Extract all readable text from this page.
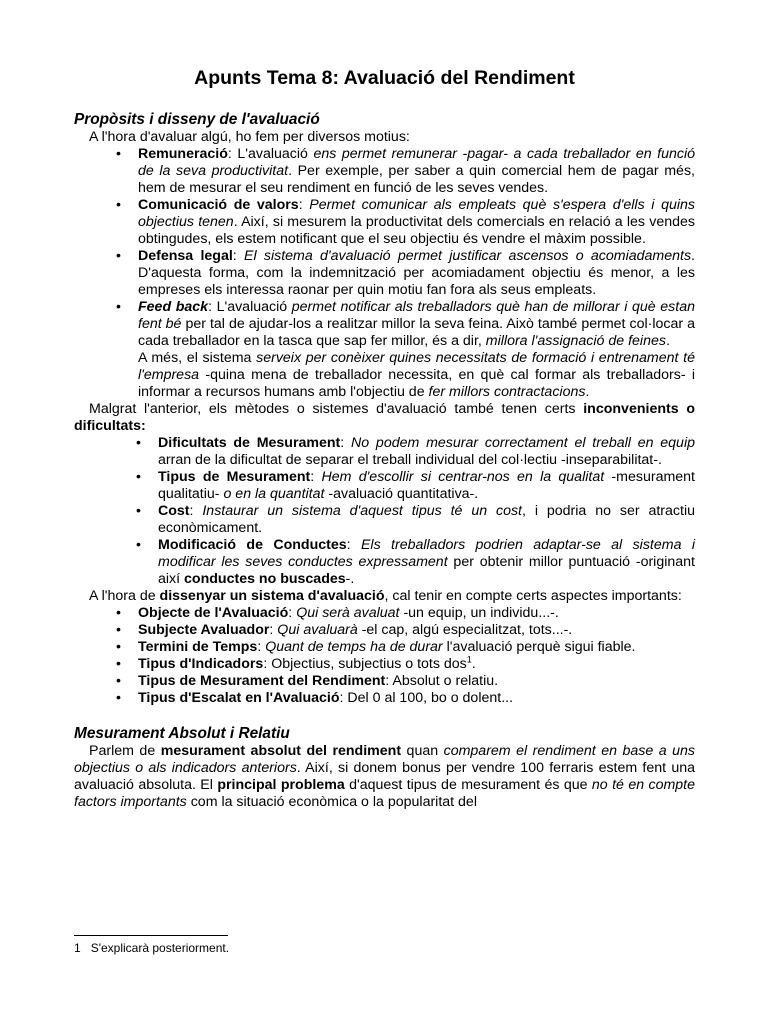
Apunts Tema 8: Avaluació del Rendiment
Propòsits i disseny de l'avaluació

A l'hora d'avaluar algú, ho fem per diversos motius:

• Remuneració: L'avaluació ens permet remunerar -pagar- a cada treballador en funció de la seva productivitat. Per exemple, per saber a quin comercial hem de pagar més, hem de mesurar el seu rendiment en funció de les seves vendes.
• Comunicació de valors: Permet comunicar als empleats què s'espera d'ells i quins objectius tenen. Així, si mesurem la productivitat dels comercials en relació a les vendes obtingudes, els estem notificant que el seu objectiu és vendre el màxim possible.
• Defensa legal: El sistema d'avaluació permet justificar ascensos o acomiadaments. D'aquesta forma, com la indemnització per acomiadament objectiu és menor, a les empreses els interessa raonar per quin motiu fan fora als seus empleats.
• Feed back: L'avaluació permet notificar als treballadors què han de millorar i què estan fent bé per tal de ajudar-los a realitzar millor la seva feina. Això també permet col·locar a cada treballador en la tasca que sap fer millor, és a dir, millora l'assignació de feines.

A més, el sistema serveix per conèixer quines necessitats de formació i entrenament té l'empresa -quina mena de treballador necessita, en què cal formar als treballadors- i informar a recursos humans amb l'objectiu de fer millors contractacions.

Malgrat l'anterior, els mètodes o sistemes d'avaluació també tenen certs inconvenients o dificultats:

• Dificultats de Mesurament: No podem mesurar correctament el treball en equip arran de la dificultat de separar el treball individual del col·lectiu -inseparabilitat-.
• Tipus de Mesurament: Hem d'escollir si centrar-nos en la qualitat -mesurament qualitatiu- o en la quantitat -avaluació quantitativa-.
• Cost: Instaurar un sistema d'aquest tipus té un cost, i podria no ser atractiu econòmicament.
• Modificació de Conductes: Els treballadors podrien adaptar-se al sistema i modificar les seves conductes expressament per obtenir millor puntuació -originant així conductes no buscades-.

A l'hora de dissenyar un sistema d'avaluació, cal tenir en compte certs aspectes importants:

• Objecte de l'Avaluació: Qui serà avaluat -un equip, un individu...-.
• Subjecte Avaluador: Qui avaluarà -el cap, algú especialitzat, tots...-.
• Termini de Temps: Quant de temps ha de durar l'avaluació perquè sigui fiable.
• Tipus d'Indicadors: Objectius, subjectius o tots dos$^1$.
• Tipus de Mesurament del Rendiment: Absolut o relatiu.
• Tipus d'Escalat en l'Avaluació: Del 0 al 100, bo o dolent...
Mesurament Absolut i Relatiu

Parlem de mesurament absolut del rendiment quan comparem el rendiment en base a uns objectius o als indicadors anteriors. Així, si donem bonus per vendre 100 ferraris estem fent una avaluació absoluta. El principal problema d'aquest tipus de mesurament és que no té en compte factors importants com la situació econòmica o la popularitat del

1 S'explicarà posteriorment.
